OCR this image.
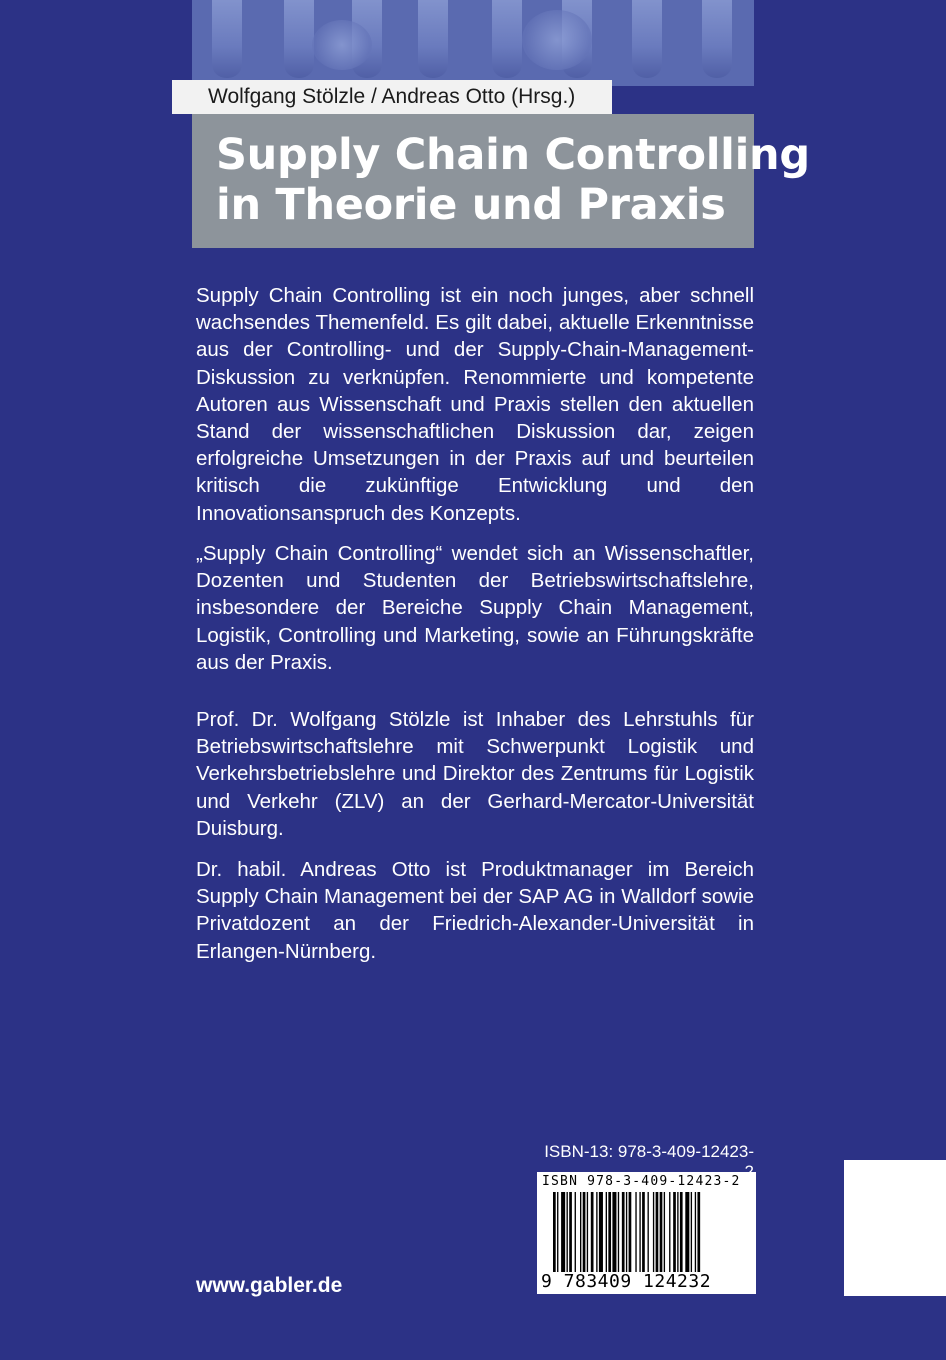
Wolfgang Stölzle / Andreas Otto (Hrsg.)
Supply Chain Controlling
in Theorie und Praxis
Supply Chain Controlling ist ein noch junges, aber schnell wachsendes Themenfeld. Es gilt dabei, aktuelle Erkenntnisse aus der Controlling- und der Supply-Chain-Management-Diskussion zu verknüpfen. Renommierte und kompetente Autoren aus Wissenschaft und Praxis stellen den aktuellen Stand der wissenschaftlichen Diskussion dar, zeigen erfolgreiche Umsetzungen in der Praxis auf und beurteilen kritisch die zukünftige Entwicklung und den Innovationsanspruch des Konzepts.
„Supply Chain Controlling“ wendet sich an Wissenschaftler, Dozenten und Studenten der Betriebswirtschaftslehre, insbesondere der Bereiche Supply Chain Management, Logistik, Controlling und Marketing, sowie an Führungskräfte aus der Praxis.
Prof. Dr. Wolfgang Stölzle ist Inhaber des Lehrstuhls für Betriebswirtschaftslehre mit Schwerpunkt Logistik und Verkehrsbetriebslehre und Direktor des Zentrums für Logistik und Verkehr (ZLV) an der Gerhard-Mercator-Universität Duisburg.
Dr. habil. Andreas Otto ist Produktmanager im Bereich Supply Chain Management bei der SAP AG in Walldorf sowie Privatdozent an der Friedrich-Alexander-Universität in Erlangen-Nürnberg.
ISBN-13: 978-3-409-12423-
ISBN 978-3-409-12423-2
9 783409 124232
www.gabler.de
